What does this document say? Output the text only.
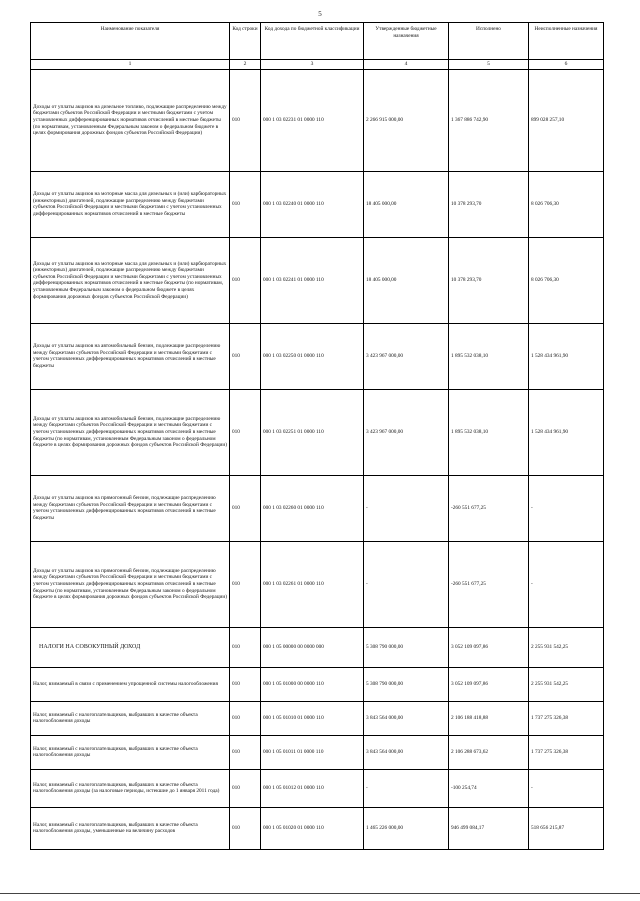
5
Наименование показателя	Код строки	Код дохода по бюджетной классификации	Утвержденные бюджетные назначения	Исполнено	Неисполненные назначения
1	2	3	4	5	6
Доходы от уплаты акцизов на дизельное топливо, подлежащие распределению между бюджетами субъектов Российской Федерации и местными бюджетами с учетом установленных дифференцированных нормативов отчислений в местные бюджеты (по нормативам, установленным Федеральным законом о федеральном бюджете в целях формирования дорожных фондов субъектов Российской Федерации)	010	000 1 03 02231 01 0000 110	2 266 915 000,00	1 367 886 742,90	899 028 257,10
Доходы от уплаты акцизов на моторные масла для дизельных и (или) карбюраторных (инжекторных) двигателей, подлежащие распределению между бюджетами субъектов Российской Федерации и местными бюджетами с учетом установленных дифференцированных нормативов отчислений в местные бюджеты	010	000 1 03 02240 01 0000 110	18 405 000,00	10 378 293,70	8 026 706,30
Доходы от уплаты акцизов на моторные масла для дизельных и (или) карбюраторных (инжекторных) двигателей, подлежащие распределению между бюджетами субъектов Российской Федерации и местными бюджетами с учетом установленных дифференцированных нормативов отчислений в местные бюджеты (по нормативам, установленным Федеральным законом о федеральном бюджете в целях формирования дорожных фондов субъектов Российской Федерации)	010	000 1 03 02241 01 0000 110	18 405 000,00	10 378 293,70	8 026 706,30
Доходы от уплаты акцизов на автомобильный бензин, подлежащие распределению между бюджетами субъектов Российской Федерации и местными бюджетами с учетом установленных дифференцированных нормативов отчислений в местные бюджеты	010	000 1 03 02250 01 0000 110	3 423 967 000,00	1 895 532 038,10	1 528 434 961,90
Доходы от уплаты акцизов на автомобильный бензин, подлежащие распределению между бюджетами субъектов Российской Федерации и местными бюджетами с учетом установленных дифференцированных нормативов отчислений в местные бюджеты (по нормативам, установленным Федеральным законом о федеральном бюджете в целях формирования дорожных фондов субъектов Российской Федерации)	010	000 1 03 02251 01 0000 110	3 423 967 000,00	1 895 532 038,10	1 528 434 961,90
Доходы от уплаты акцизов на прямогонный бензин, подлежащие распределению между бюджетами субъектов Российской Федерации и местными бюджетами с учетом установленных дифференцированных нормативов отчислений в местные бюджеты	010	000 1 03 02260 01 0000 110	-	-260 551 677,25	-
Доходы от уплаты акцизов на прямогонный бензин, подлежащие распределению между бюджетами субъектов Российской Федерации и местными бюджетами с учетом установленных дифференцированных нормативов отчислений в местные бюджеты (по нормативам, установленным Федеральным законом о федеральном бюджете в целях формирования дорожных фондов субъектов Российской Федерации)	010	000 1 03 02261 01 0000 110	-	-260 551 677,25	-
НАЛОГИ НА СОВОКУПНЫЙ ДОХОД	010	000 1 05 00000 00 0000 000	5 308 790 000,00	3 052 109 097,86	2 255 931 542,25
Налог, взимаемый в связи с применением упрощенной системы налогообложения	010	000 1 05 01000 00 0000 110	5 308 790 000,00	3 052 109 097,86	2 255 931 542,25
Налог, взимаемый с налогоплательщиков, выбравших в качестве объекта налогообложения доходы	010	000 1 05 01010 01 0000 110	3 843 564 000,00	2 106 188 418,88	1 737 275 326,38
Налог, взимаемый с налогоплательщиков, выбравших в качестве объекта налогообложения доходы	010	000 1 05 01011 01 0000 110	3 843 564 000,00	2 106 288 673,62	1 737 275 326,38
Налог, взимаемый с налогоплательщиков, выбравших в качестве объекта налогообложения доходы (за налоговые периоды, истекшие до 1 января 2011 года)	010	000 1 05 01012 01 0000 110	-	-100 254,74	-
Налог, взимаемый с налогоплательщиков, выбравших в качестве объекта налогообложения доходы, уменьшенные на величину расходов	010	000 1 05 01020 01 0000 110	1 465 226 000,00	946 499 084,17	518 656 215,87
